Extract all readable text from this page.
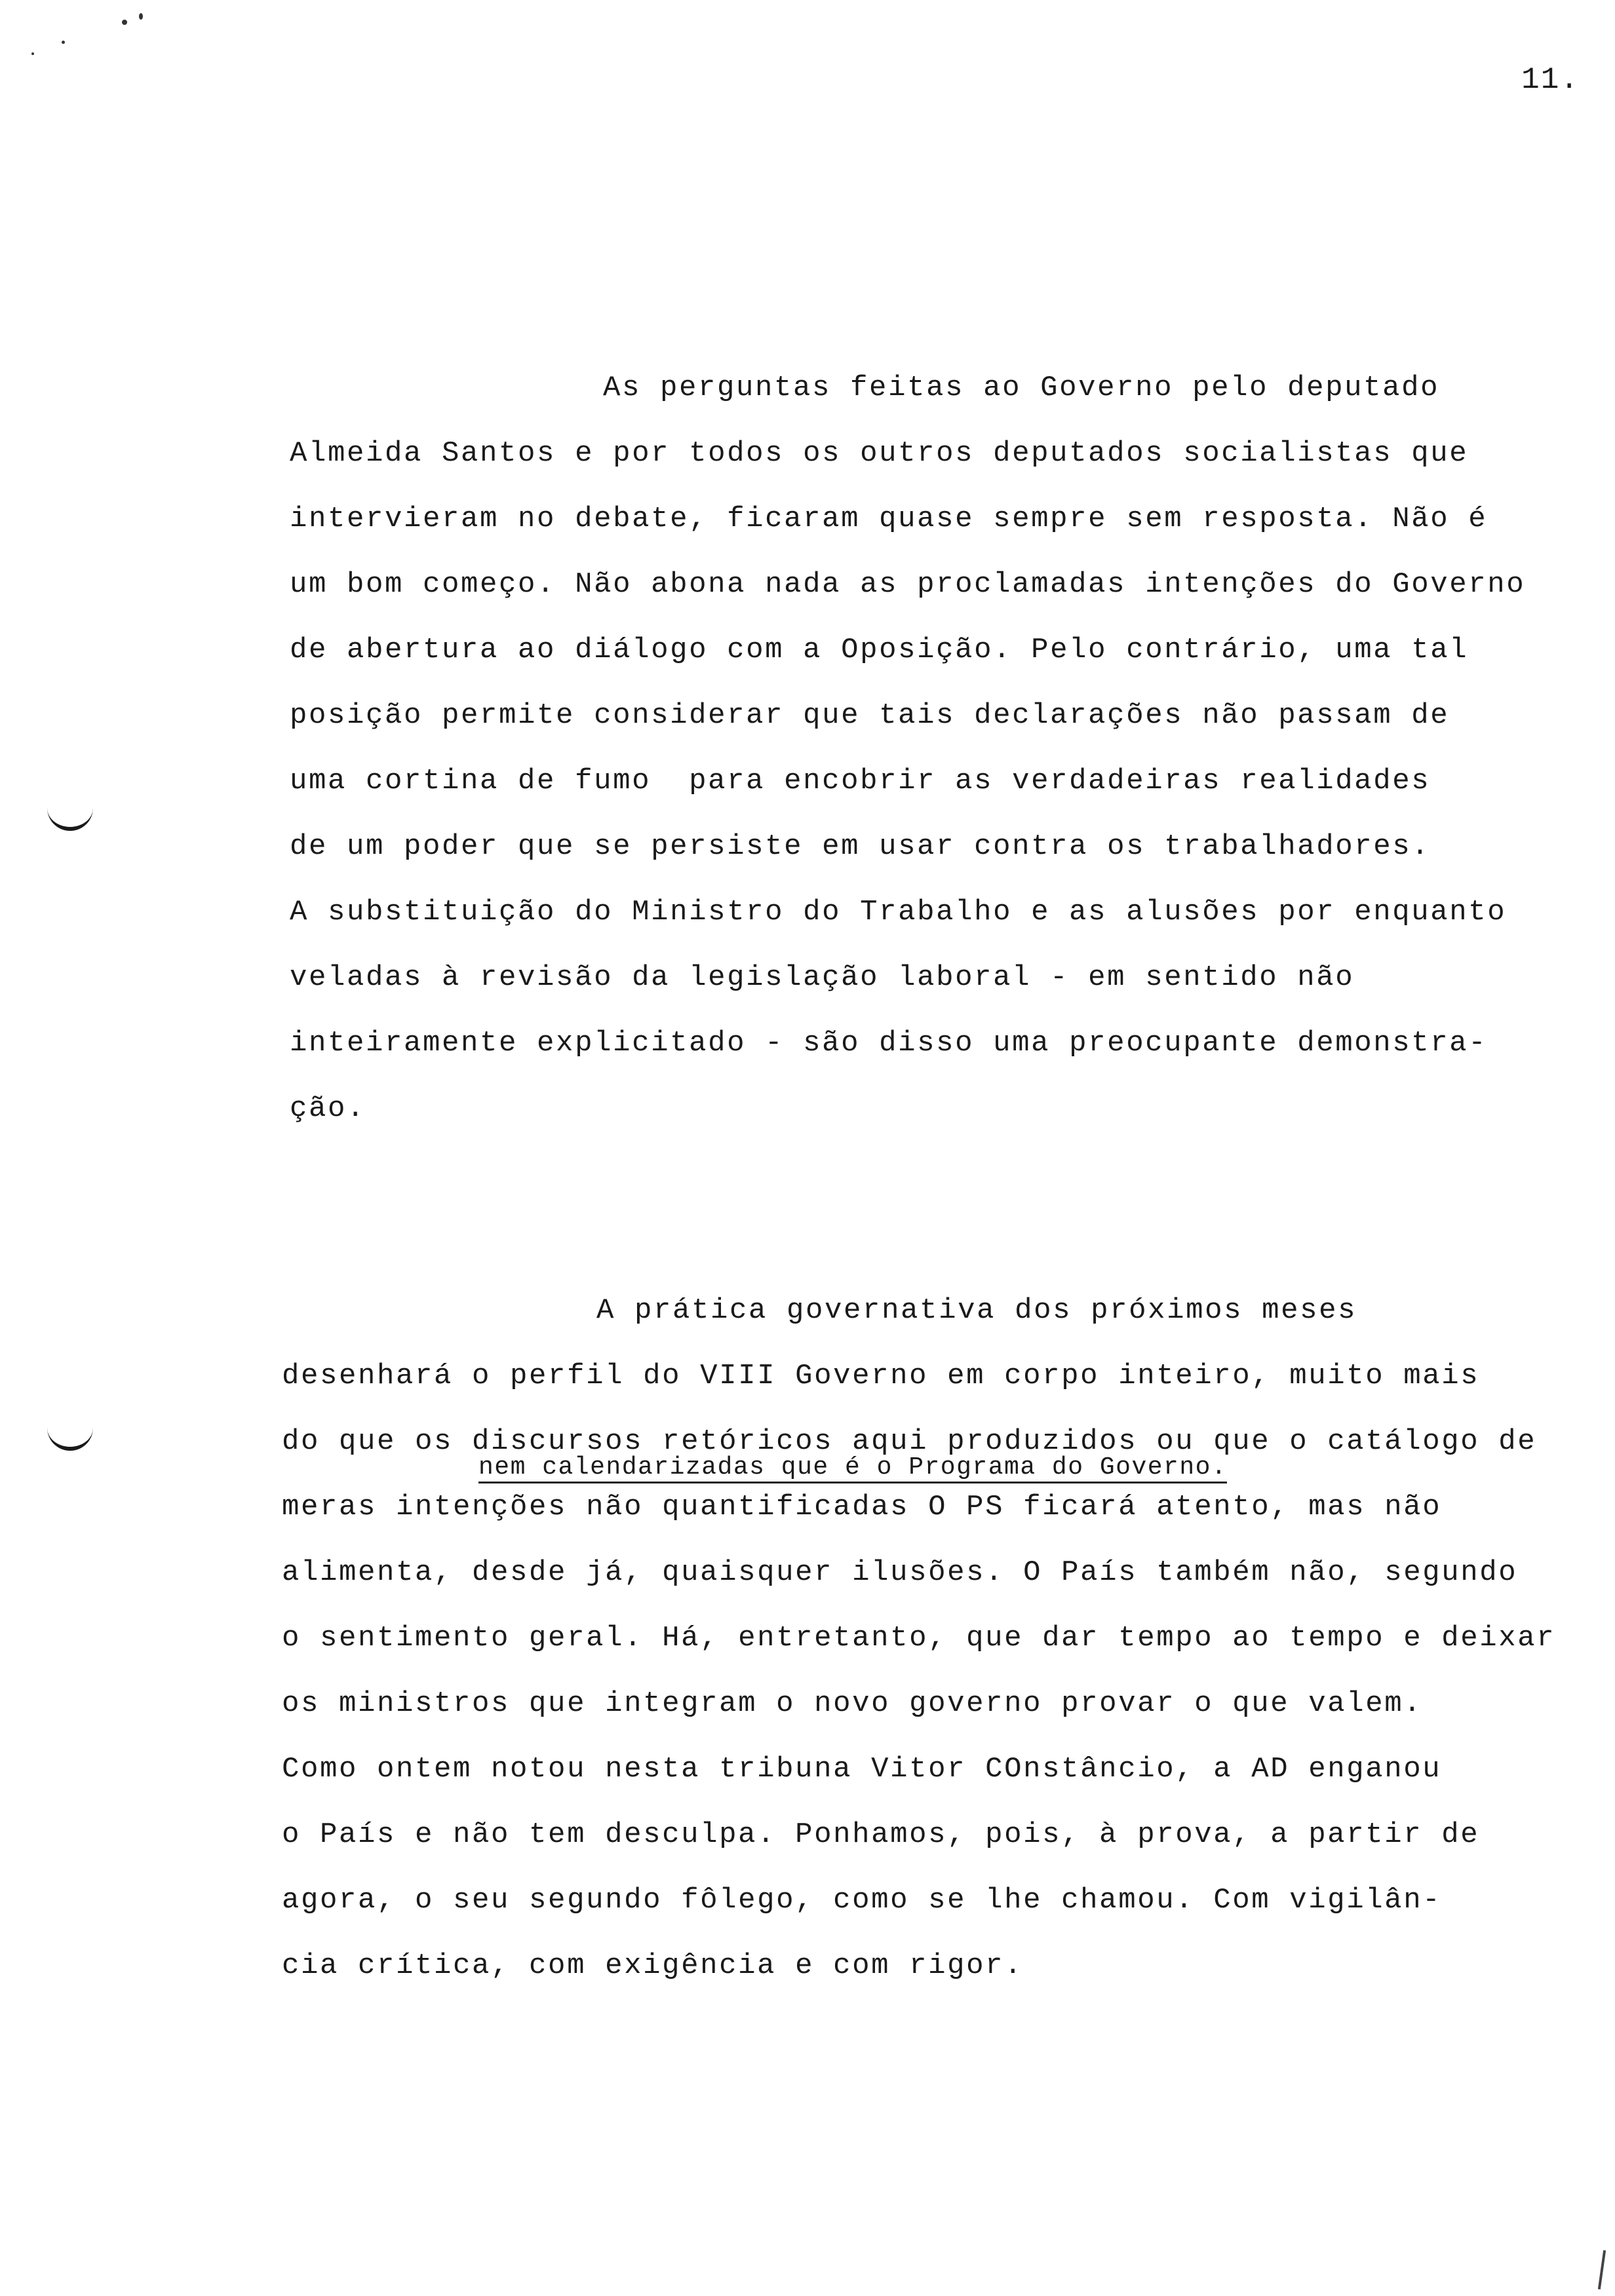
11.
As perguntas feitas ao Governo pelo deputado
Almeida Santos e por todos os outros deputados socialistas que
intervieram no debate, ficaram quase sempre sem resposta. Não é
um bom começo. Não abona nada as proclamadas intenções do Governo
de abertura ao diálogo com a Oposição. Pelo contrário, uma tal
posição permite considerar que tais declarações não passam de
uma cortina de fumo  para encobrir as verdadeiras realidades
de um poder que se persiste em usar contra os trabalhadores.
A substituição do Ministro do Trabalho e as alusões por enquanto
veladas à revisão da legislação laboral - em sentido não
inteiramente explicitado - são disso uma preocupante demonstra-
ção.
A prática governativa dos próximos meses
desenhará o perfil do VIII Governo em corpo inteiro, muito mais
do que os discursos retóricos aqui produzidos ou que o catálogo de
nem calendarizadas que é o Programa do Governo.
meras intenções não quantificadas O PS ficará atento, mas não
alimenta, desde já, quaisquer ilusões. O País também não, segundo
o sentimento geral. Há, entretanto, que dar tempo ao tempo e deixar
os ministros que integram o novo governo provar o que valem.
Como ontem notou nesta tribuna Vitor COnstâncio, a AD enganou
o País e não tem desculpa. Ponhamos, pois, à prova, a partir de
agora, o seu segundo fôlego, como se lhe chamou. Com vigilân-
cia crítica, com exigência e com rigor.
